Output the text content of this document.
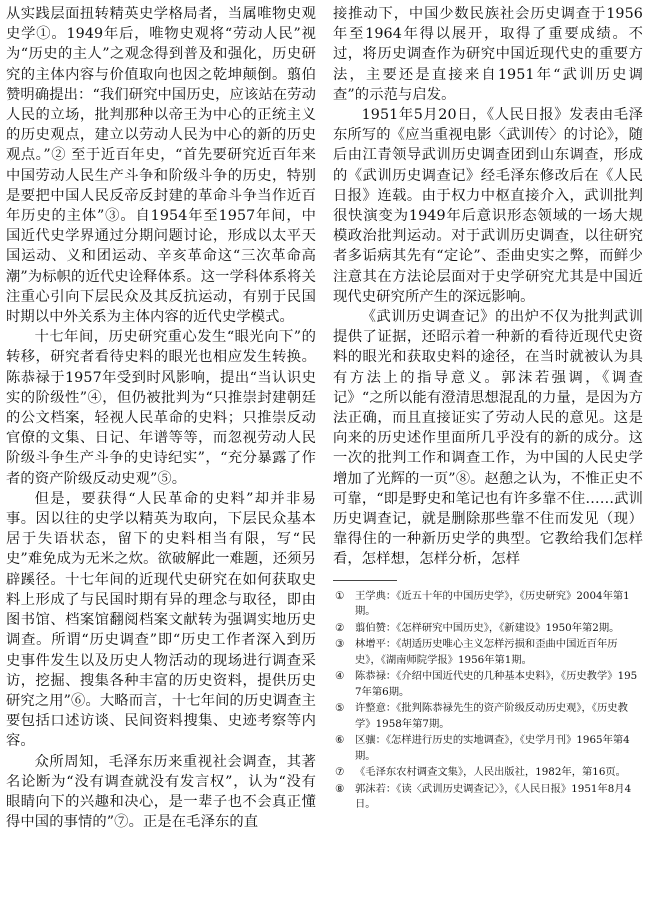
从实践层面扭转精英史学格局者，当属唯物史观史学①。1949年后，唯物史观将“劳动人民”视为“历史的主人”之观念得到普及和强化，历史研究的主体内容与价值取向也因之乾坤颠倒。翦伯赞明确提出：“我们研究中国历史，应该站在劳动人民的立场，批判那种以帝王为中心的正统主义的历史观点，建立以劳动人民为中心的新的历史观点。”② 至于近百年史，“首先要研究近百年来中国劳动人民生产斗争和阶级斗争的历史，特别是要把中国人民反帝反封建的革命斗争当作近百年历史的主体”③。自1954年至1957年间，中国近代史学界通过分期问题讨论，形成以太平天国运动、义和团运动、辛亥革命这“三次革命高潮”为标帜的近代史诠释体系。这一学科体系将关注重心引向下层民众及其反抗运动，有别于民国时期以中外关系为主体内容的近代史学模式。

十七年间，历史研究重心发生“眼光向下”的转移，研究者看待史料的眼光也相应发生转换。陈恭禄于1957年受到时风影响，提出“当认识史实的阶级性”④，但仍被批判为“只推崇封建朝廷的公文档案，轻视人民革命的史料；只推崇反动官僚的文集、日记、年谱等等，而忽视劳动人民阶级斗争生产斗争的史诗纪实”，“充分暴露了作者的资产阶级反动史观”⑤。

但是，要获得“人民革命的史料”却并非易事。因以往的史学以精英为取向，下层民众基本居于失语状态，留下的史料相当有限，写“民史”难免成为无米之炊。欲破解此一难题，还须另辟蹊径。十七年间的近现代史研究在如何获取史料上形成了与民国时期有异的理念与取径，即由图书馆、档案馆翻阅档案文献转为强调实地历史调查。所谓“历史调查”即“历史工作者深入到历史事件发生以及历史人物活动的现场进行调查采访，挖掘、搜集各种丰富的历史资料，提供历史研究之用”⑥。大略而言，十七年间的历史调查主要包括口述访谈、民间资料搜集、史迹考察等内容。

众所周知，毛泽东历来重视社会调查，其著名论断为“没有调查就没有发言权”，认为“没有眼睛向下的兴趣和决心，是一辈子也不会真正懂得中国的事情的”⑦。正是在毛泽东的直

接推动下，中国少数民族社会历史调查于1956年至1964年得以展开，取得了重要成绩。不过，将历史调查作为研究中国近现代史的重要方法，主要还是直接来自1951年“武训历史调查”的示范与启发。

1951年5月20日，《人民日报》发表由毛泽东所写的《应当重视电影〈武训传〉的讨论》，随后由江青领导武训历史调查团到山东调查，形成的《武训历史调查记》经毛泽东修改后在《人民日报》连载。由于权力中枢直接介入，武训批判很快演变为1949年后意识形态领域的一场大规模政治批判运动。对于武训历史调查，以往研究者多诟病其先有“定论”、歪曲史实之弊，而鲜少注意其在方法论层面对于史学研究尤其是中国近现代史研究所产生的深远影响。

《武训历史调查记》的出炉不仅为批判武训提供了证据，还昭示着一种新的看待近现代史资料的眼光和获取史料的途径，在当时就被认为具有方法上的指导意义。郭沫若强调，《调查记》“之所以能有澄清思想混乱的力量，是因为方法正确，而且直接证实了劳动人民的意见。这是向来的历史述作里面所几乎没有的新的成分。这一次的批判工作和调查工作，为中国的人民史学增加了光辉的一页”⑧。赵憩之认为，不惟正史不可靠，“即是野史和笔记也有许多靠不住……武训历史调查记，就是删除那些靠不住而发见（现）靠得住的一种新历史学的典型。它教给我们怎样看，怎样想，怎样分析，怎样

①	王学典：《近五十年的中国历史学》，《历史研究》2004年第1期。
②	翦伯赞：《怎样研究中国历史》，《新建设》1950年第2期。
③	林增平：《胡适历史唯心主义怎样污损和歪曲中国近百年历史》，《湖南师院学报》1956年第1期。
④	陈恭禄：《介绍中国近代史的几种基本史料》，《历史教学》1957年第6期。
⑤	许整意：《批判陈恭禄先生的资产阶级反动历史观》，《历史教学》1958年第7期。
⑥	区骧：《怎样进行历史的实地调查》，《史学月刊》1965年第4期。
⑦	《毛泽东农村调查文集》，人民出版社，1982年，第16页。
⑧	郭沫若：《读〈武训历史调查记〉》，《人民日报》1951年8月4日。
